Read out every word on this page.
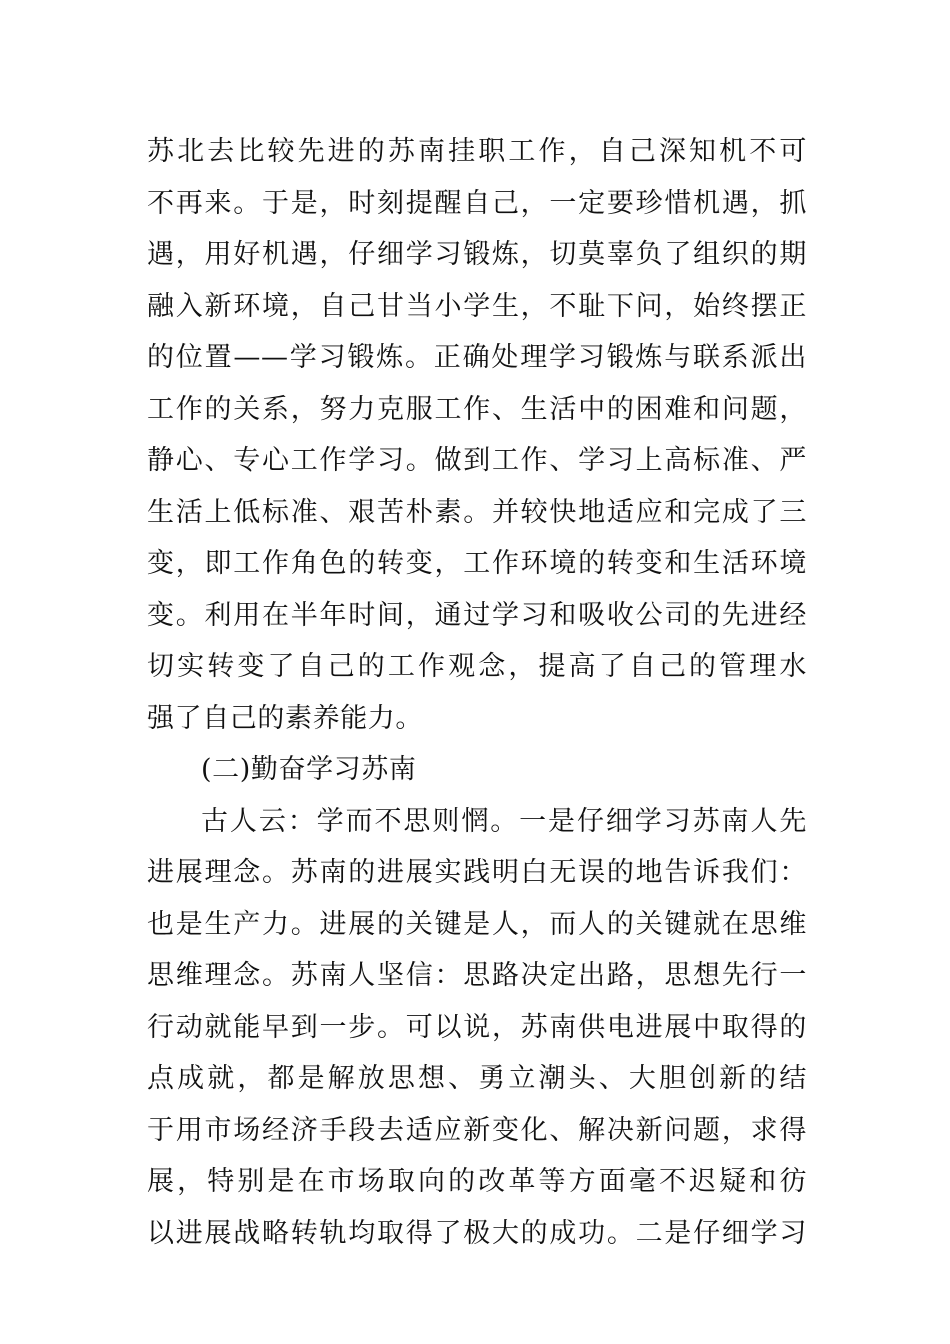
苏北去比较先进的苏南挂职工作，自己深知机不可
不再来。于是，时刻提醒自己，一定要珍惜机遇，抓
遇，用好机遇，仔细学习锻炼，切莫辜负了组织的期
融入新环境，自己甘当小学生，不耻下问，始终摆正
的位置——学习锻炼。正确处理学习锻炼与联系派出
工作的关系，努力克服工作、生活中的困难和问题，
静心、专心工作学习。做到工作、学习上高标准、严
生活上低标准、艰苦朴素。并较快地适应和完成了三
变，即工作角色的转变，工作环境的转变和生活环境
变。利用在半年时间，通过学习和吸收公司的先进经
切实转变了自己的工作观念，提高了自己的管理水
强了自己的素养能力。
(二)勤奋学习苏南
古人云：学而不思则惘。一是仔细学习苏南人先
进展理念。苏南的进展实践明白无误的地告诉我们：
也是生产力。进展的关键是人，而人的关键就在思维
思维理念。苏南人坚信：思路决定出路，思想先行一
行动就能早到一步。可以说，苏南供电进展中取得的
点成就，都是解放思想、勇立潮头、大胆创新的结
于用市场经济手段去适应新变化、解决新问题，求得
展，特别是在市场取向的改革等方面毫不迟疑和彷
以进展战略转轨均取得了极大的成功。二是仔细学习
